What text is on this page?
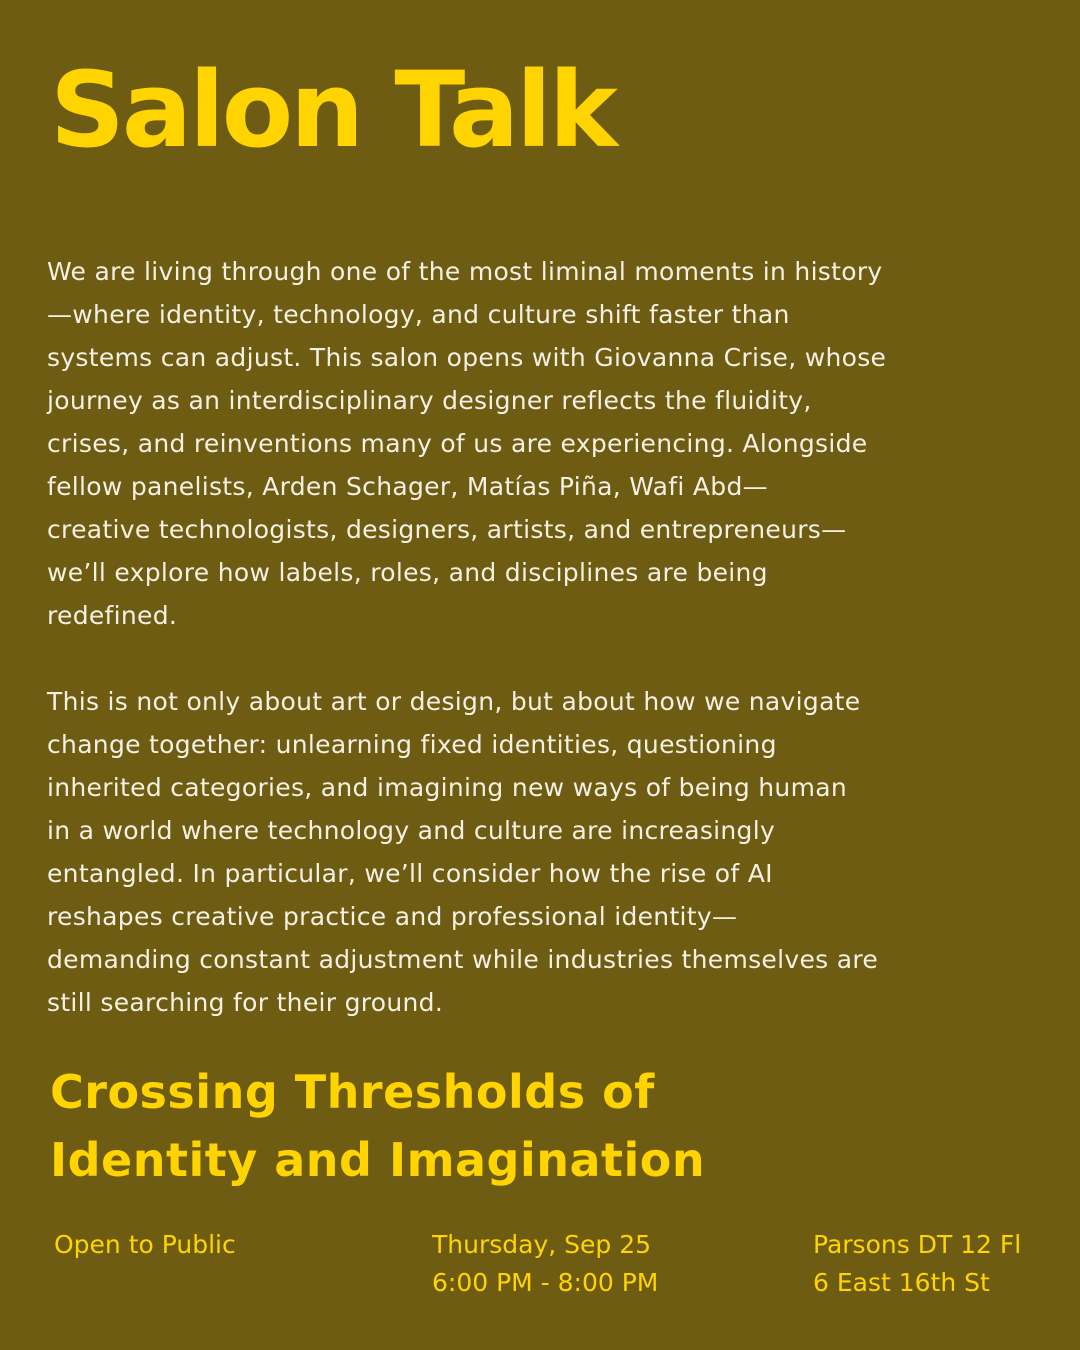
Salon Talk

We are living through one of the most liminal moments in history
—where identity, technology, and culture shift faster than
systems can adjust. This salon opens with Giovanna Crise, whose
journey as an interdisciplinary designer reflects the fluidity,
crises, and reinventions many of us are experiencing. Alongside
fellow panelists, Arden Schager, Matías Piña, Wafi Abd—
creative technologists, designers, artists, and entrepreneurs—
we’ll explore how labels, roles, and disciplines are being
redefined.

This is not only about art or design, but about how we navigate
change together: unlearning fixed identities, questioning
inherited categories, and imagining new ways of being human
in a world where technology and culture are increasingly
entangled. In particular, we’ll consider how the rise of AI
reshapes creative practice and professional identity—
demanding constant adjustment while industries themselves are
still searching for their ground.

Crossing Thresholds of
Identity and Imagination
Open to Public	Thursday, Sep 25
6:00 PM - 8:00 PM
Parsons DT 12 Fl
6 East 16th St
